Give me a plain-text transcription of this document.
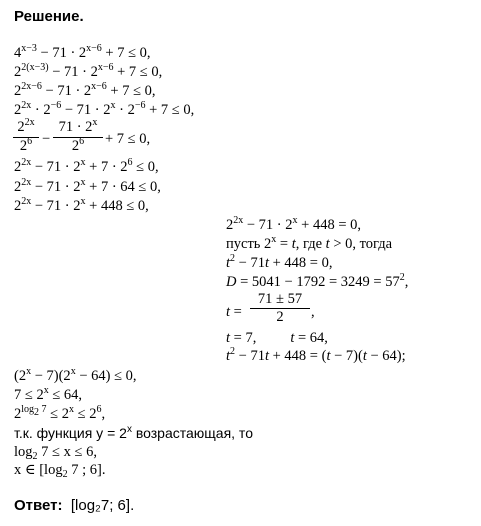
Решение.
$4^{x-3} - 71 \cdot 2^{x-6} + 7 \le 0$,
$2^{2(x-3)} - 71 \cdot 2^{x-6} + 7 \le 0$,
$2^{2x-6} - 71 \cdot 2^{x-6} + 7 \le 0$,
$2^{2x} \cdot 2^{-6} - 71 \cdot 2^x \cdot 2^{-6} + 7 \le 0$,
$\frac{2^{2x}}{2^6} - \frac{71 \cdot 2^x}{2^6} + 7 \le 0$,
$2^{2x} - 71 \cdot 2^x + 7 \cdot 2^6 \le 0$,
$2^{2x} - 71 \cdot 2^x + 7 \cdot 64 \le 0$,
$2^{2x} - 71 \cdot 2^x + 448 \le 0$,
$2^{2x} - 71 \cdot 2^x + 448 = 0$,
пусть $2^x = t$, где t > 0, тогда
$t^2 - 71t + 448 = 0$,
$D = 5041 - 1792 = 3249 = 57^2$,
$t = \frac{71 \pm 57}{2}$ ,
t = 7, t = 64,
$t^2 - 71t + 448 = (t - 7)(t - 64)$;
$(2^x - 7)(2^x - 64) \le 0$,
$7 \le 2^x \le 64$,
$2^{log_2 7} \le 2^x \le 2^6$,
т.к. функция $y = 2^x$ возрастающая, то
$\log_2 7 \le x \le 6$,
x ∈ [$\log_2$ 7 ; 6].
Ответ: [log₂7; 6].
